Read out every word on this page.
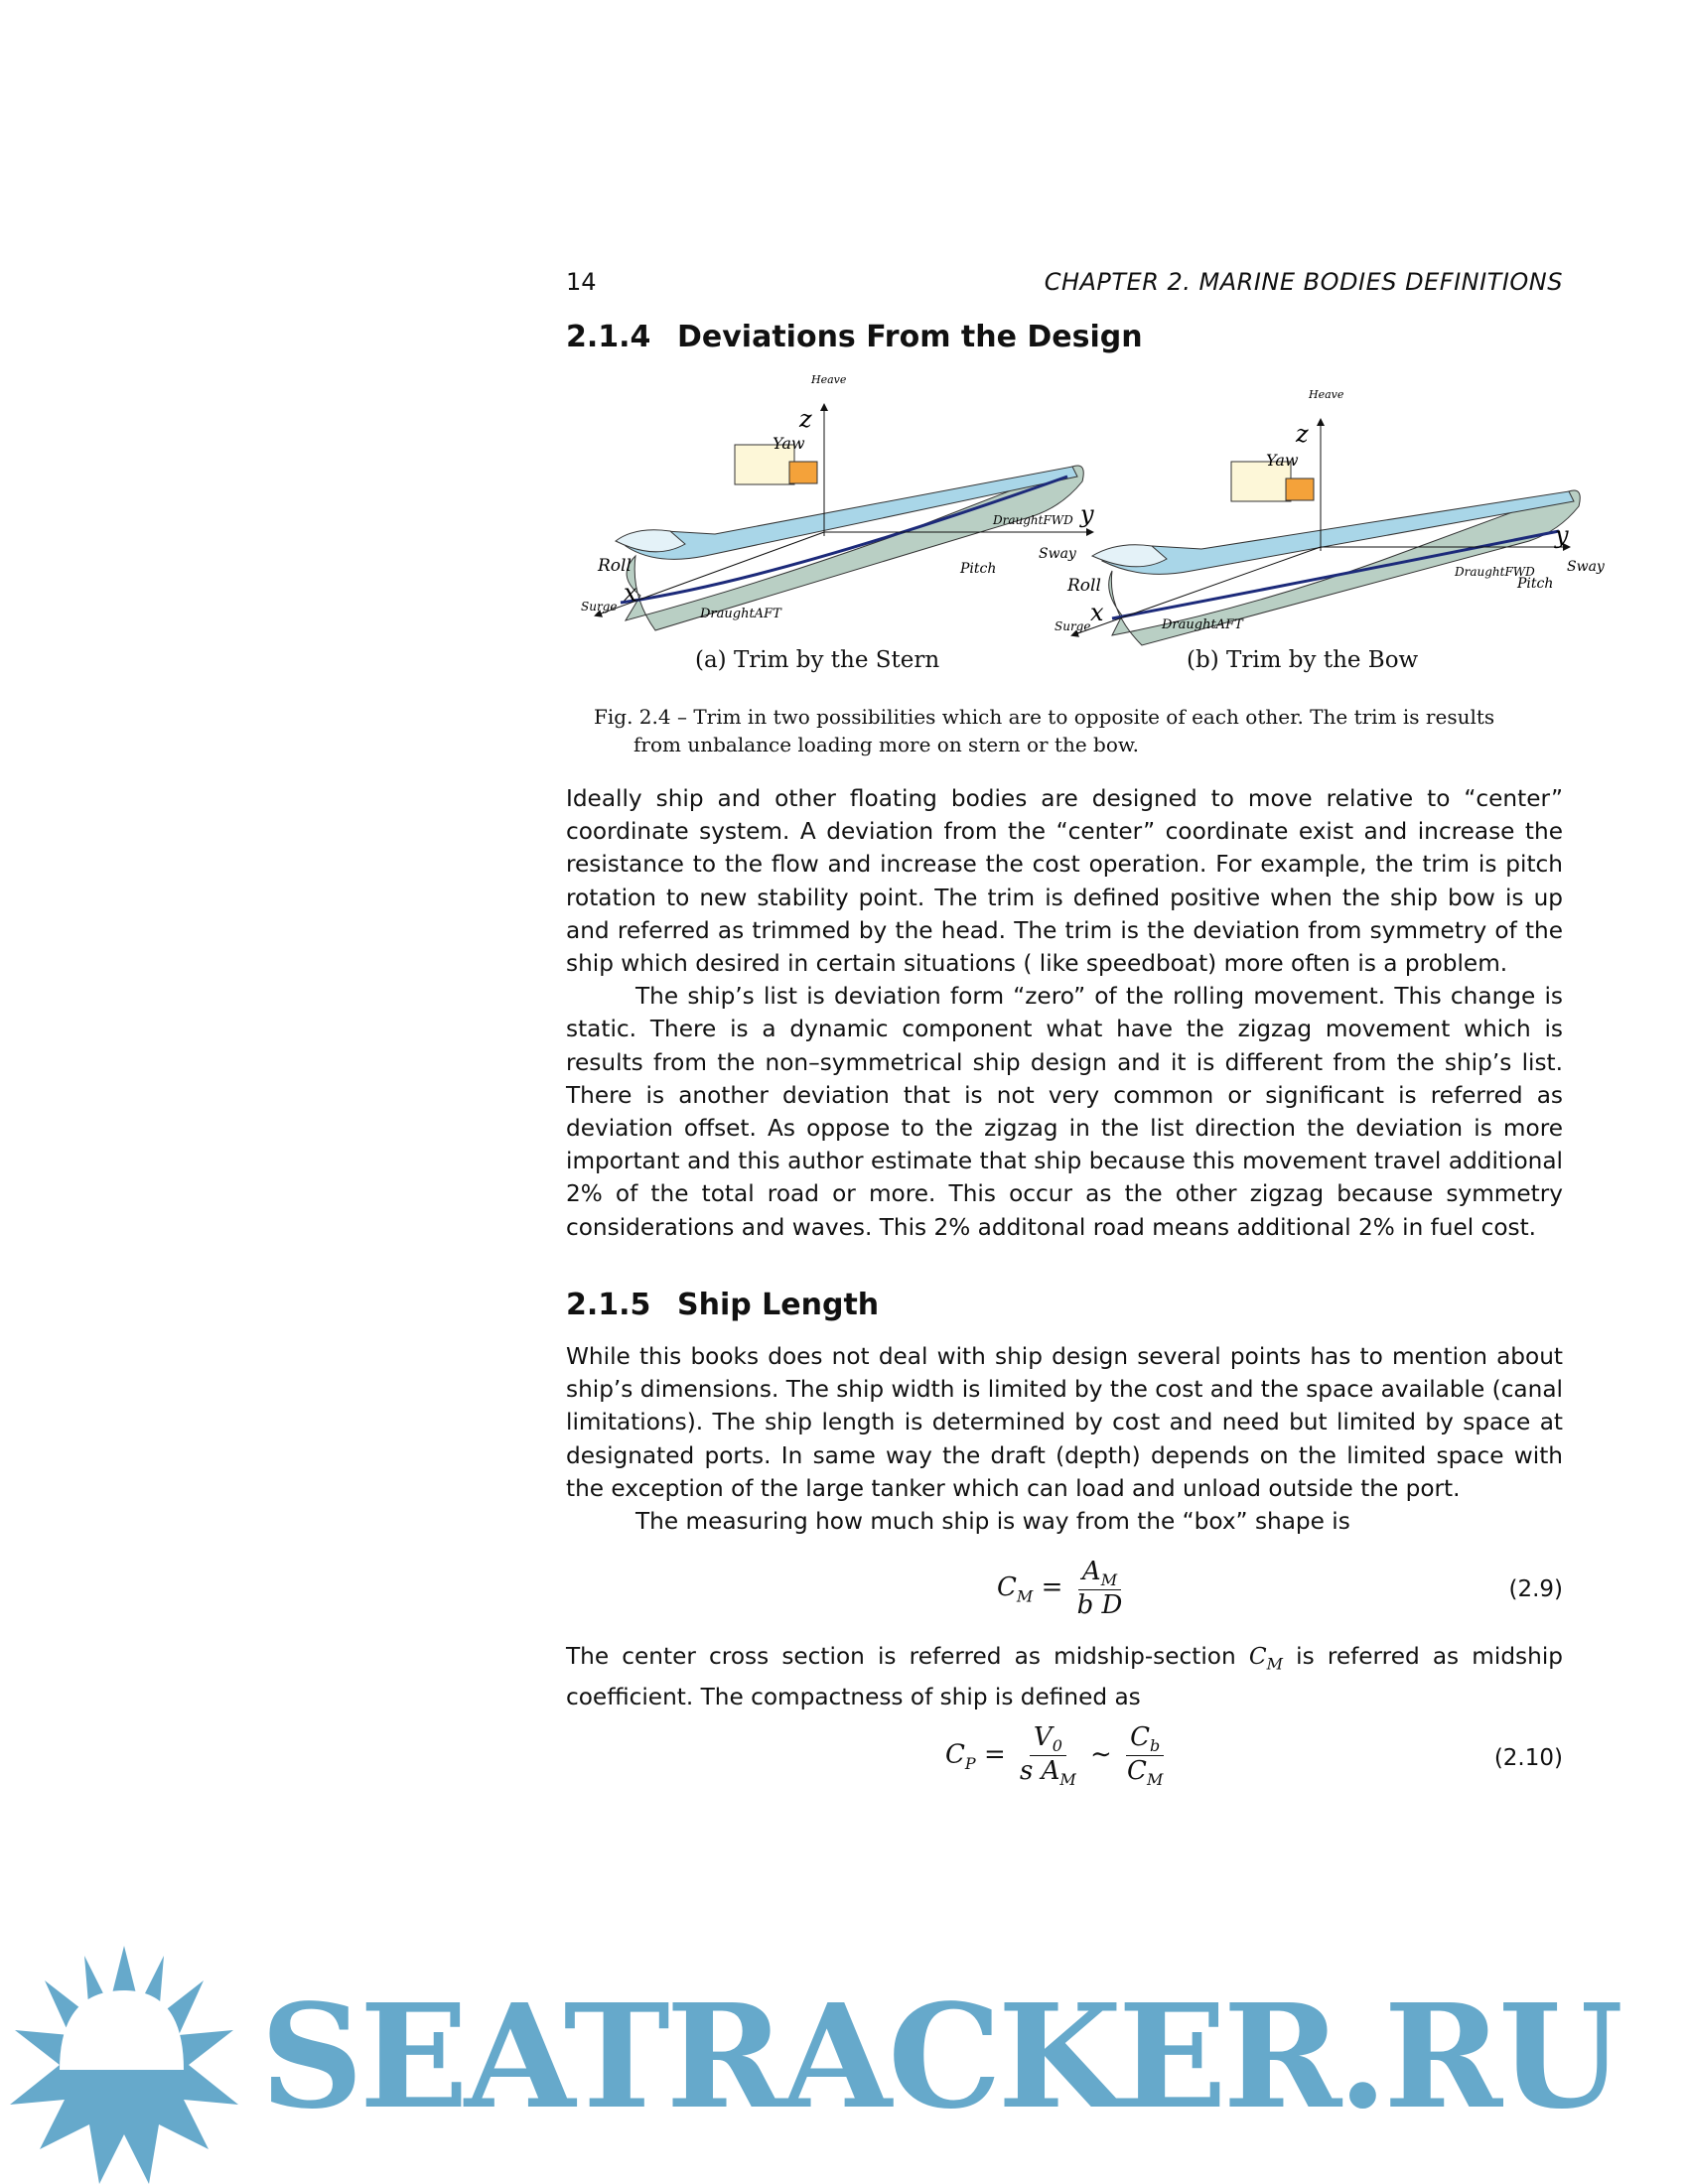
14	CHAPTER 2. MARINE BODIES DEFINITIONS
2.1.4 Deviations From the Design
Heave
z
Yaw
DraughtFWD
y
Sway
Pitch
Roll
x
Surge	DraughtAFT
Heave
z
Yaw
DraughtFWD y
Sway
Pitch
Roll
x
Surge	DraughtAFT
(a) Trim by the Stern	(b) Trim by the Bow
Fig. 2.4 – Trim in two possibilities which are to opposite of each other. The trim is results
from unbalance loading more on stern or the bow.

Ideally ship and other floating bodies are designed to move relative to “center” coordinate system. A deviation from the “center” coordinate exist and increase the resistance to the flow and increase the cost operation. For example, the trim is pitch rotation to new stability point. The trim is defined positive when the ship bow is up and referred as trimmed by the head. The trim is the deviation from symmetry of the ship which desired in certain situations ( like speedboat) more often is a problem.

The ship’s list is deviation form “zero” of the rolling movement. This change is static. There is a dynamic component what have the zigzag movement which is results from the non–symmetrical ship design and it is different from the ship’s list. There is another deviation that is not very common or significant is referred as deviation offset. As oppose to the zigzag in the list direction the deviation is more important and this author estimate that ship because this movement travel additional 2% of the total road or more. This occur as the other zigzag because symmetry considerations and waves. This 2% additonal road means additional 2% in fuel cost.

2.1.5 Ship Length

While this books does not deal with ship design several points has to mention about ship’s dimensions. The ship width is limited by the cost and the space available (canal limitations). The ship length is determined by cost and need but limited by space at designated ports. In same way the draft (depth) depends on the limited space with the exception of the large tanker which can load and unload outside the port.

The measuring how much ship is way from the “box” shape is

$C_M = \frac{A_M}{\text{b D}}$	(2.9)

The center cross section is referred as midship-section $C_M$ is referred as midship coefficient. The compactness of ship is defined as

$C_P = \frac{V_0}{s A_M}$ ∼ $\frac{C_b}{C_M}$	(2.10)
SEATRACKER.RU
